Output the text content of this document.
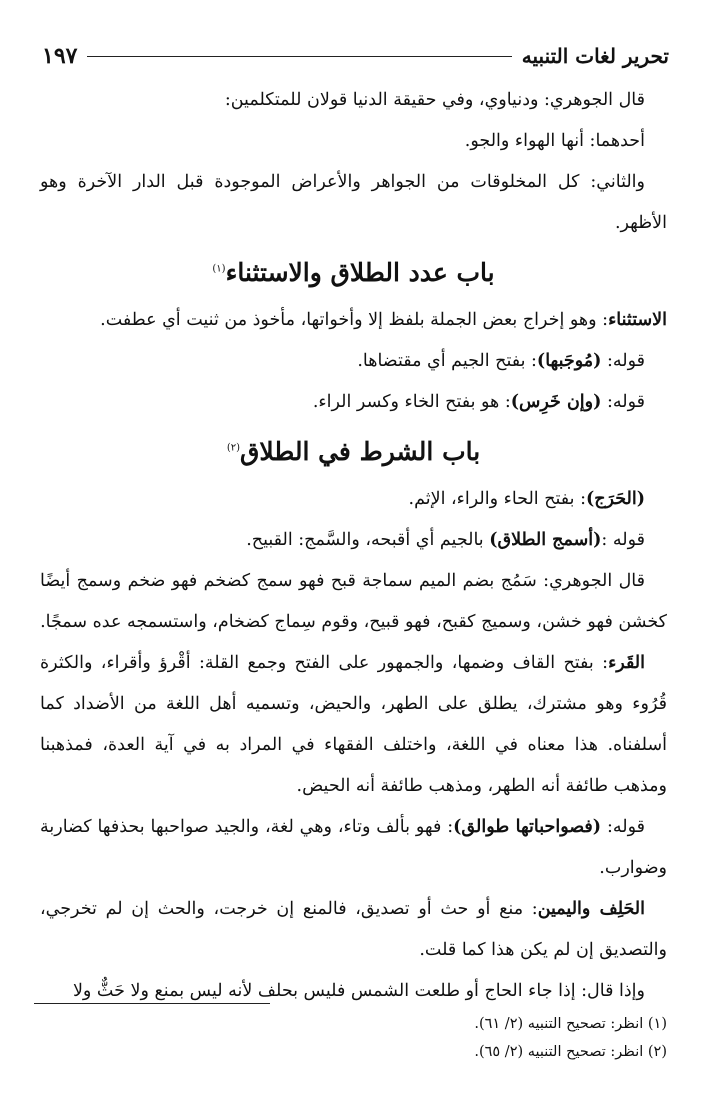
تحرير لغات التنبيه
١٩٧

قال الجوهري: ودنياوي، وفي حقيقة الدنيا قولان للمتكلمين:

أحدهما: أنها الهواء والجو.

والثاني: كل المخلوقات من الجواهر والأعراض الموجودة قبل الدار الآخرة وهو الأظهر.

باب عدد الطلاق والاستثناء$^{(١)}$

الاستثناء: وهو إخراج بعض الجملة بلفظ إلا وأخواتها، مأخوذ من ثنيت أي عطفت.

قوله: (مُوجَبها): بفتح الجيم أي مقتضاها.

قوله: (وإن خَرِس): هو بفتح الخاء وكسر الراء.

باب الشرط في الطلاق$^{(٢)}$

(الحَرَج): بفتح الحاء والراء، الإثم.

قوله :(أسمج الطلاق) بالجيم أي أقبحه، والسَّمج: القبيح.

قال الجوهري: سَمُج بضم الميم سماجة قبح فهو سمج كضخم فهو ضخم وسمج أيضًا كخشن فهو خشن، وسميج كقبح، فهو قبيح، وقوم سِماج كضخام، واستسمجه عده سمجًا.

القَرء: بفتح القاف وضمها، والجمهور على الفتح وجمع القلة: أقْرؤ وأقراء، والكثرة قُرُوء وهو مشترك، يطلق على الطهر، والحيض، وتسميه أهل اللغة من الأضداد كما أسلفناه. هذا معناه في اللغة، واختلف الفقهاء في المراد به في آية العدة، فمذهبنا ومذهب طائفة أنه الطهر، ومذهب طائفة أنه الحيض.

قوله: (فصواحباتها طوالق): فهو بألف وتاء، وهي لغة، والجيد صواحبها بحذفها كضاربة وضوارب.

الحَلِف واليمين: منع أو حث أو تصديق، فالمنع إن خرجت، والحث إن لم تخرجي، والتصديق إن لم يكن هذا كما قلت.

وإذا قال: إذا جاء الحاج أو طلعت الشمس فليس بحلف لأنه ليس بمنع ولا حَثٌّ ولا

(١) انظر: تصحيح التنبيه (٢/ ٦١).

(٢) انظر: تصحيح التنبيه (٢/ ٦٥).
